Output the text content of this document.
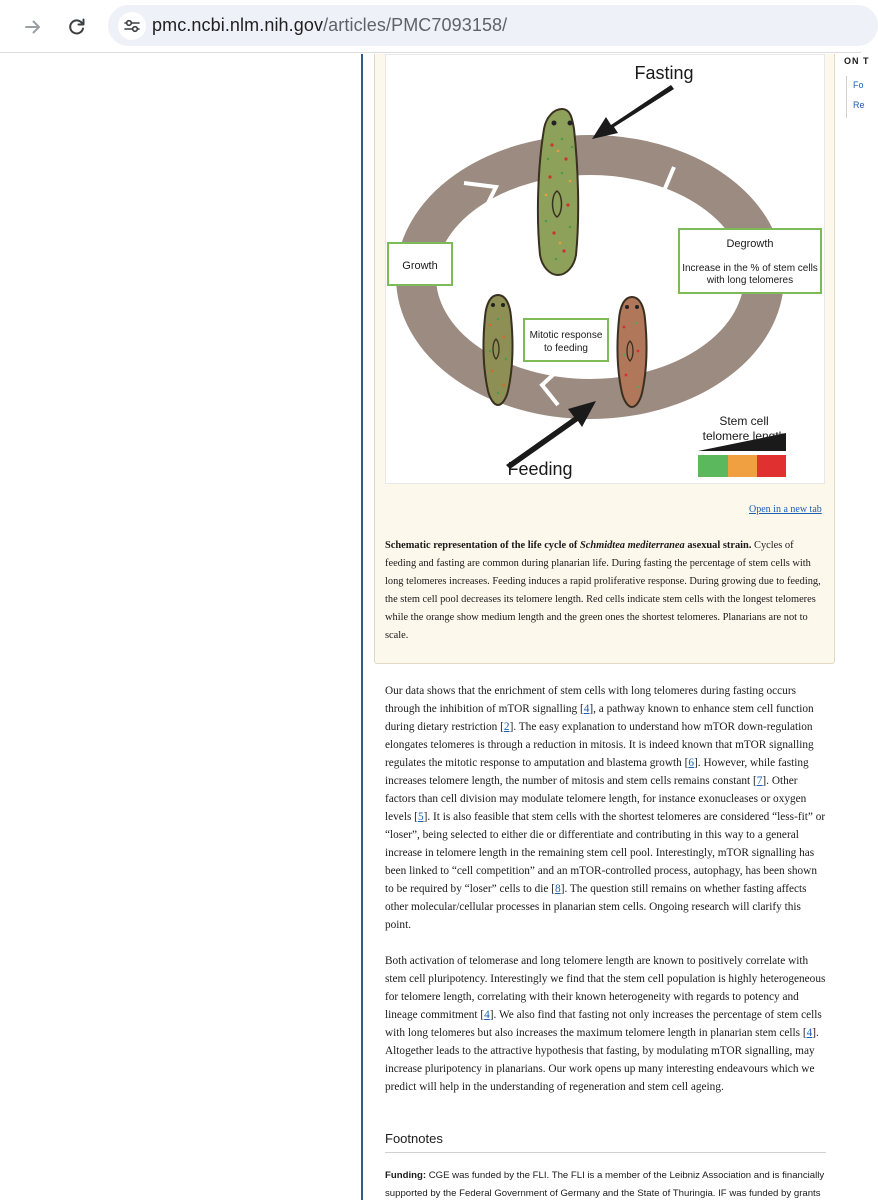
pmc.ncbi.nlm.nih.gov/articles/PMC7093158/
ON T
Fo
Re
Fasting
Feeding
Growth
Degrowth
Increase in the % of stem cells
with long telomeres
Mitotic response
to feeding
Stem cell
telomere length
Open in a new tab
Schematic representation of the life cycle of Schmidtea mediterranea asexual strain. Cycles of feeding and fasting are common during planarian life. During fasting the percentage of stem cells with long telomeres increases. Feeding induces a rapid proliferative response. During growing due to feeding, the stem cell pool decreases its telomere length. Red cells indicate stem cells with the longest telomeres while the orange show medium length and the green ones the shortest telomeres. Planarians are not to scale.
Our data shows that the enrichment of stem cells with long telomeres during fasting occurs through the inhibition of mTOR signalling [4], a pathway known to enhance stem cell function during dietary restriction [2]. The easy explanation to understand how mTOR down-regulation elongates telomeres is through a reduction in mitosis. It is indeed known that mTOR signalling regulates the mitotic response to amputation and blastema growth [6]. However, while fasting increases telomere length, the number of mitosis and stem cells remains constant [7]. Other factors than cell division may modulate telomere length, for instance exonucleases or oxygen levels [5]. It is also feasible that stem cells with the shortest telomeres are considered “less-fit” or “loser”, being selected to either die or differentiate and contributing in this way to a general increase in telomere length in the remaining stem cell pool. Interestingly, mTOR signalling has been linked to “cell competition” and an mTOR-controlled process, autophagy, has been shown to be required by “loser” cells to die [8]. The question still remains on whether fasting affects other molecular/cellular processes in planarian stem cells. Ongoing research will clarify this point.
Both activation of telomerase and long telomere length are known to positively correlate with stem cell pluripotency. Interestingly we find that the stem cell population is highly heterogeneous for telomere length, correlating with their known heterogeneity with regards to potency and lineage commitment [4]. We also find that fasting not only increases the percentage of stem cells with long telomeres but also increases the maximum telomere length in planarian stem cells [4]. Altogether leads to the attractive hypothesis that fasting, by modulating mTOR signalling, may increase pluripotency in planarians. Our work opens up many interesting endeavours which we predict will help in the understanding of regeneration and stem cell ageing.
Footnotes
Funding: CGE was funded by the FLI. The FLI is a member of the Leibniz Association and is financially supported by the Federal Government of Germany and the State of Thuringia. IF was funded by grants
